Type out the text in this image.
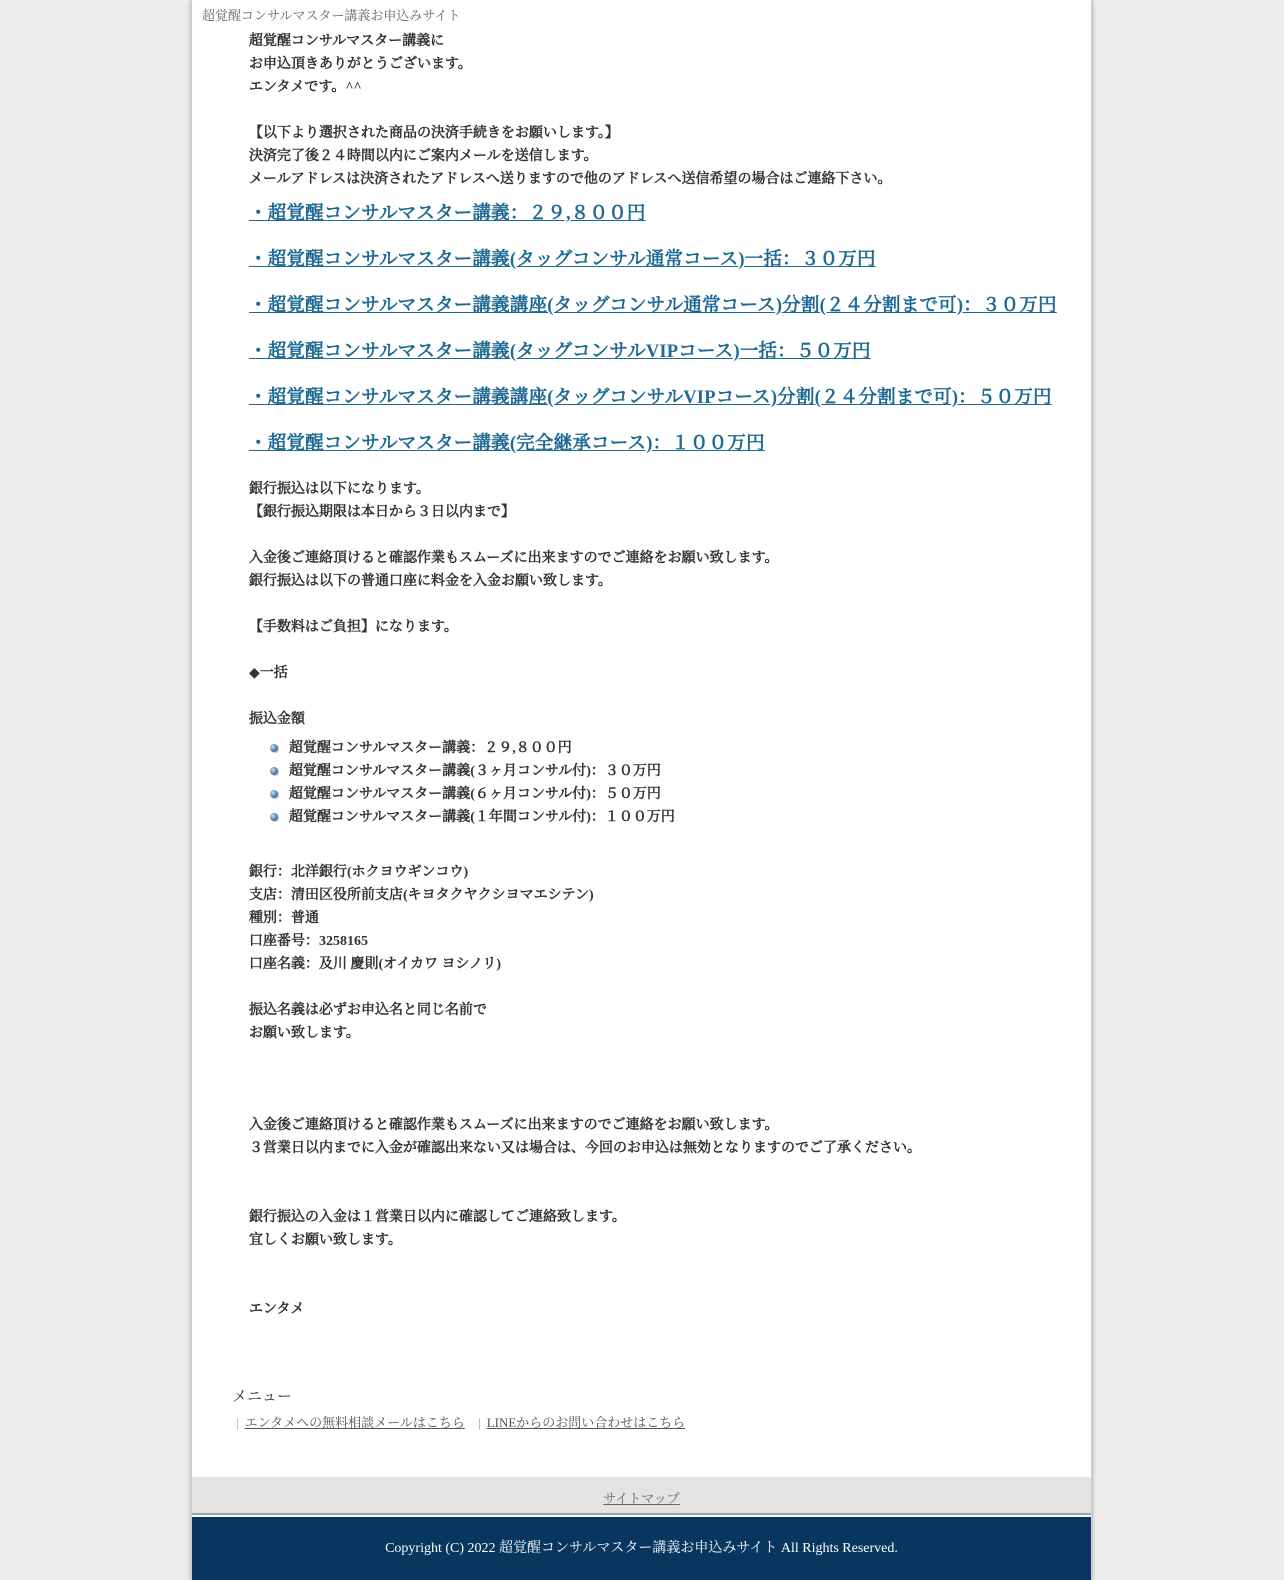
超覚醒コンサルマスター講義お申込みサイト

超覚醒コンサルマスター講義に

お申込頂きありがとうございます。

エンタメです。^^

【以下より選択された商品の決済手続きをお願いします。】

決済完了後２４時間以内にご案内メールを送信します。

メールアドレスは決済されたアドレスへ送りますので他のアドレスへ送信希望の場合はご連絡下さい。

・超覚醒コンサルマスター講義：２９,８００円
・超覚醒コンサルマスター講義(タッグコンサル通常コース)一括：３０万円
・超覚醒コンサルマスター講義講座(タッグコンサル通常コース)分割(２４分割まで可)：３０万円
・超覚醒コンサルマスター講義(タッグコンサルVIPコース)一括：５０万円
・超覚醒コンサルマスター講義講座(タッグコンサルVIPコース)分割(２４分割まで可)：５０万円
・超覚醒コンサルマスター講義(完全継承コース)：１００万円

銀行振込は以下になります。

【銀行振込期限は本日から３日以内まで】

入金後ご連絡頂けると確認作業もスムーズに出来ますのでご連絡をお願い致します。

銀行振込は以下の普通口座に料金を入金お願い致します。

【手数料はご負担】になります。

◆一括

振込金額

超覚醒コンサルマスター講義：２９,８００円
超覚醒コンサルマスター講義(３ヶ月コンサル付)：３０万円
超覚醒コンサルマスター講義(６ヶ月コンサル付)：５０万円
超覚醒コンサルマスター講義(１年間コンサル付)：１００万円

銀行：北洋銀行(ホクヨウギンコウ)

支店：清田区役所前支店(キヨタクヤクシヨマエシテン)

種別：普通

口座番号：3258165

口座名義：及川 慶則(オイカワ ヨシノリ)

振込名義は必ずお申込名と同じ名前で

お願い致します。

入金後ご連絡頂けると確認作業もスムーズに出来ますのでご連絡をお願い致します。

３営業日以内までに入金が確認出来ない又は場合は、今回のお申込は無効となりますのでご了承ください。

銀行振込の入金は１営業日以内に確認してご連絡致します。

宜しくお願い致します。

エンタメ

メニュー
| エンタメへの無料相談メールはこちら | LINEからのお問い合わせはこちら
サイトマップ
Copyright (C) 2022 超覚醒コンサルマスター講義お申込みサイト All Rights Reserved.
